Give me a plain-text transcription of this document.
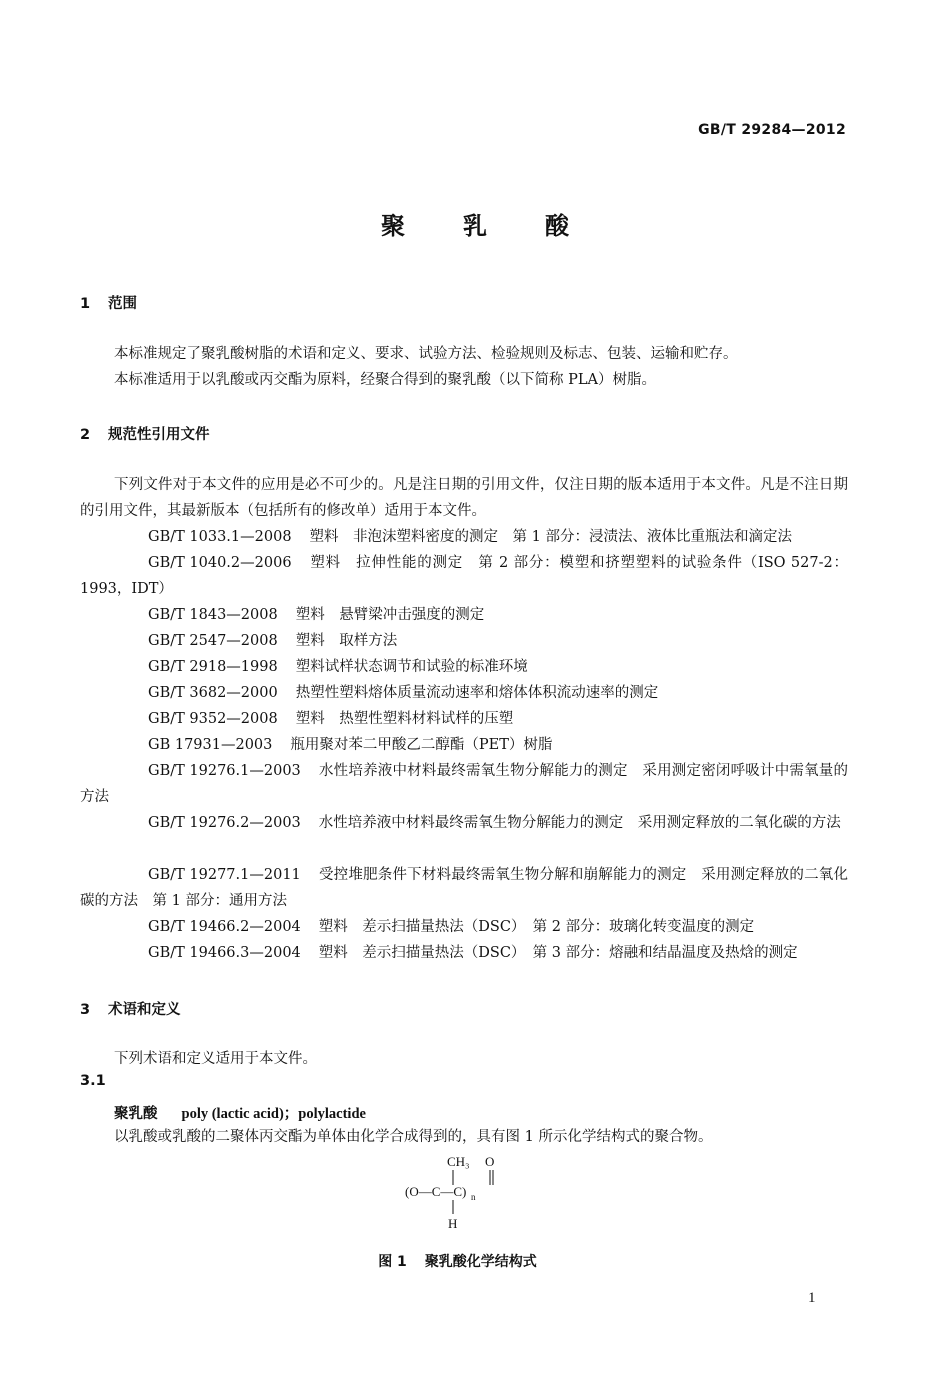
GB/T 29284—2012
聚乳酸
1 范围
本标准规定了聚乳酸树脂的术语和定义、要求、试验方法、检验规则及标志、包装、运输和贮存。
本标准适用于以乳酸或丙交酯为原料，经聚合得到的聚乳酸（以下简称 PLA）树脂。
2 规范性引用文件
下列文件对于本文件的应用是必不可少的。凡是注日期的引用文件，仅注日期的版本适用于本文件。凡是不注日期的引用文件，其最新版本（包括所有的修改单）适用于本文件。
GB/T 1033.1—2008 塑料　非泡沫塑料密度的测定　第 1 部分：浸渍法、液体比重瓶法和滴定法
GB/T 1040.2—2006 塑料　拉伸性能的测定　第 2 部分：模塑和挤塑塑料的试验条件（ISO 527-2：1993，IDT）
GB/T 1843—2008 塑料　悬臂梁冲击强度的测定
GB/T 2547—2008 塑料　取样方法
GB/T 2918—1998 塑料试样状态调节和试验的标准环境
GB/T 3682—2000 热塑性塑料熔体质量流动速率和熔体体积流动速率的测定
GB/T 9352—2008 塑料　热塑性塑料材料试样的压塑
GB 17931—2003 瓶用聚对苯二甲酸乙二醇酯（PET）树脂
GB/T 19276.1—2003 水性培养液中材料最终需氧生物分解能力的测定　采用测定密闭呼吸计中需氧量的方法
GB/T 19276.2—2003 水性培养液中材料最终需氧生物分解能力的测定　采用测定释放的二氧化碳的方法
GB/T 19277.1—2011 受控堆肥条件下材料最终需氧生物分解和崩解能力的测定　采用测定释放的二氧化碳的方法　第 1 部分：通用方法
GB/T 19466.2—2004 塑料　差示扫描量热法（DSC）　第 2 部分：玻璃化转变温度的测定
GB/T 19466.3—2004 塑料　差示扫描量热法（DSC）　第 3 部分：熔融和结晶温度及热焓的测定
3 术语和定义
下列术语和定义适用于本文件。
3.1
聚乳酸 poly (lactic acid)；polylactide
以乳酸或乳酸的二聚体丙交酯为单体由化学合成得到的，具有图 1 所示化学结构式的聚合物。
CH₃ O
(O—C—C) n
H
图 1 聚乳酸化学结构式
1
